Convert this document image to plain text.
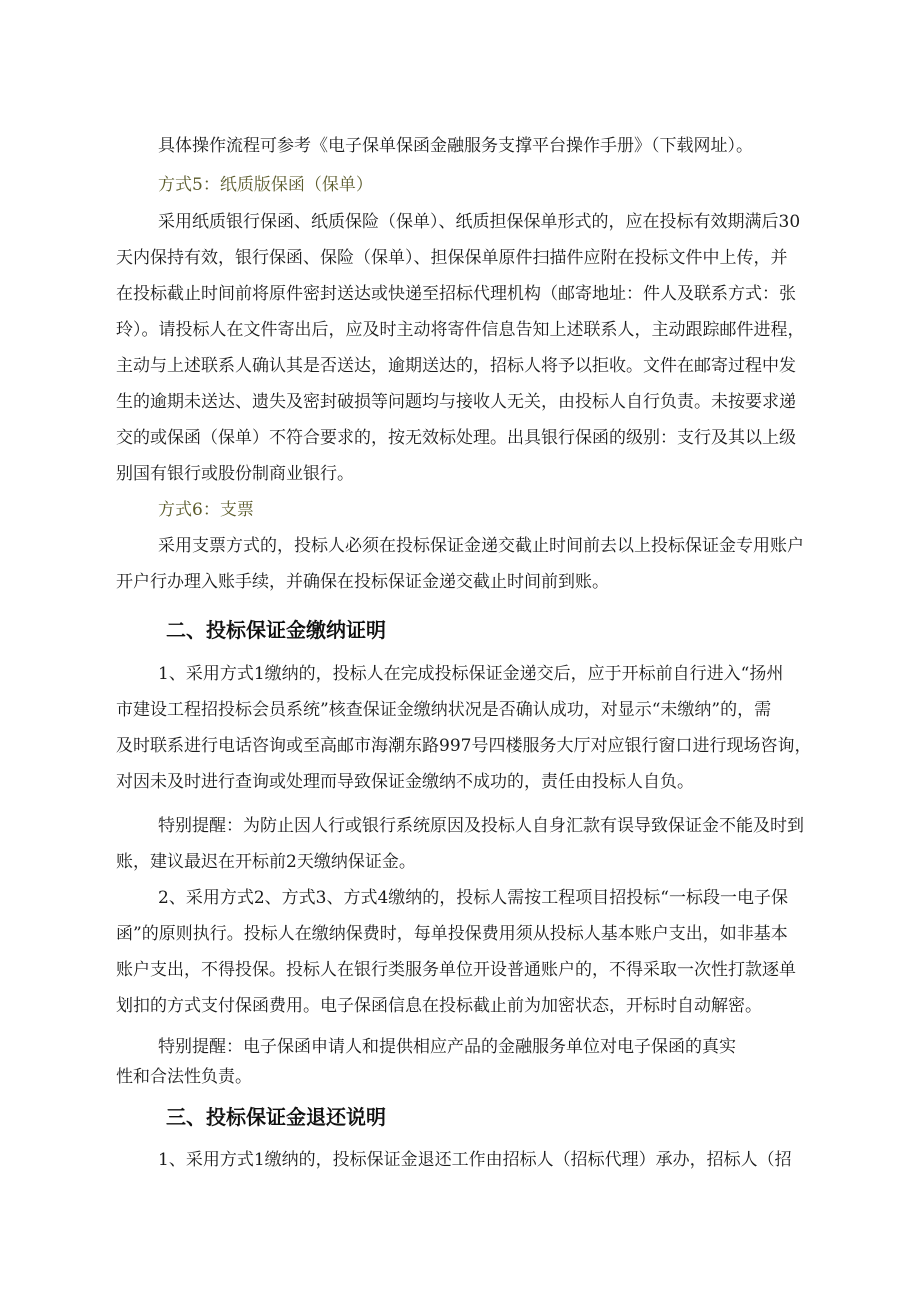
具体操作流程可参考《电子保单保函金融服务支撑平台操作手册》（下载网址）。
方式5：纸质版保函（保单）
采用纸质银行保函、纸质保险（保单）、纸质担保保单形式的，应在投标有效期满后30
天内保持有效，银行保函、保险（保单）、担保保单原件扫描件应附在投标文件中上传，并
在投标截止时间前将原件密封送达或快递至招标代理机构（邮寄地址：件人及联系方式：张
玲）。请投标人在文件寄出后，应及时主动将寄件信息告知上述联系人，主动跟踪邮件进程，
主动与上述联系人确认其是否送达，逾期送达的，招标人将予以拒收。文件在邮寄过程中发
生的逾期未送达、遗失及密封破损等问题均与接收人无关，由投标人自行负责。未按要求递
交的或保函（保单）不符合要求的，按无效标处理。出具银行保函的级别：支行及其以上级
别国有银行或股份制商业银行。
方式6：支票
采用支票方式的，投标人必须在投标保证金递交截止时间前去以上投标保证金专用账户
开户行办理入账手续，并确保在投标保证金递交截止时间前到账。
二、投标保证金缴纳证明
1、采用方式1缴纳的，投标人在完成投标保证金递交后，应于开标前自行进入“扬州
市建设工程招投标会员系统”核查保证金缴纳状况是否确认成功，对显示“未缴纳”的，需
及时联系进行电话咨询或至高邮市海潮东路997号四楼服务大厅对应银行窗口进行现场咨询，
对因未及时进行查询或处理而导致保证金缴纳不成功的，责任由投标人自负。
特别提醒：为防止因人行或银行系统原因及投标人自身汇款有误导致保证金不能及时到
账，建议最迟在开标前2天缴纳保证金。
2、采用方式2、方式3、方式4缴纳的，投标人需按工程项目招投标“一标段一电子保
函”的原则执行。投标人在缴纳保费时，每单投保费用须从投标人基本账户支出，如非基本
账户支出，不得投保。投标人在银行类服务单位开设普通账户的，不得采取一次性打款逐单
划扣的方式支付保函费用。电子保函信息在投标截止前为加密状态，开标时自动解密。
特别提醒：电子保函申请人和提供相应产品的金融服务单位对电子保函的真实
性和合法性负责。
三、投标保证金退还说明
1、采用方式1缴纳的，投标保证金退还工作由招标人（招标代理）承办，招标人（招
